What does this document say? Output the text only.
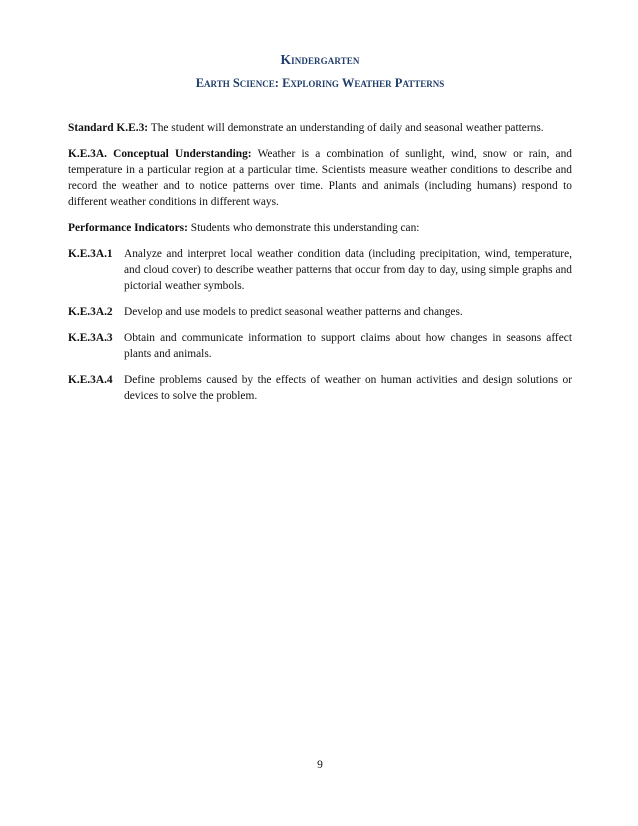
Kindergarten
Earth Science: Exploring Weather Patterns

Standard K.E.3: The student will demonstrate an understanding of daily and seasonal weather patterns.

K.E.3A. Conceptual Understanding: Weather is a combination of sunlight, wind, snow or rain, and temperature in a particular region at a particular time. Scientists measure weather conditions to describe and record the weather and to notice patterns over time. Plants and animals (including humans) respond to different weather conditions in different ways.

Performance Indicators: Students who demonstrate this understanding can:

K.E.3A.1 Analyze and interpret local weather condition data (including precipitation, wind, temperature, and cloud cover) to describe weather patterns that occur from day to day, using simple graphs and pictorial weather symbols.
K.E.3A.2 Develop and use models to predict seasonal weather patterns and changes.
K.E.3A.3 Obtain and communicate information to support claims about how changes in seasons affect plants and animals.
K.E.3A.4 Define problems caused by the effects of weather on human activities and design solutions or devices to solve the problem.
9
